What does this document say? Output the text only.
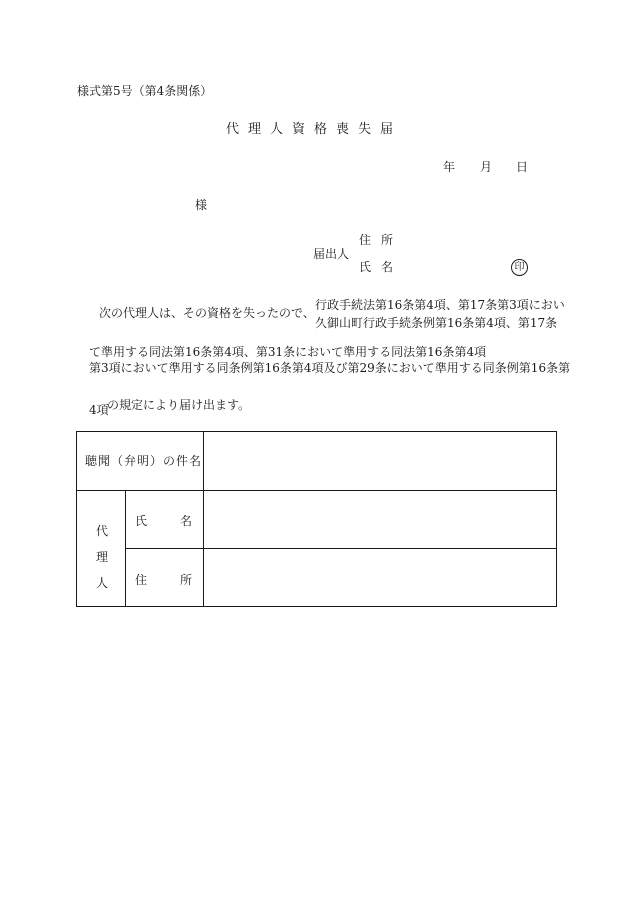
様式第5号（第4条関係）
代理人資格喪失届
年 月 日
様
届出人
住所
氏名	印
次の代理人は、その資格を失ったので、
行政手続法第16条第4項、第17条第3項におい
久御山町行政手続条例第16条第4項、第17条
て準用する同法第16条第4項、第31条において準用する同法第16条第4項
第3項において準用する同条例第16条第4項及び第29条において準用する同条例第16条第
4項
の規定により届け出ます。
聴聞（弁明）の件名
代理人
氏名
住所
